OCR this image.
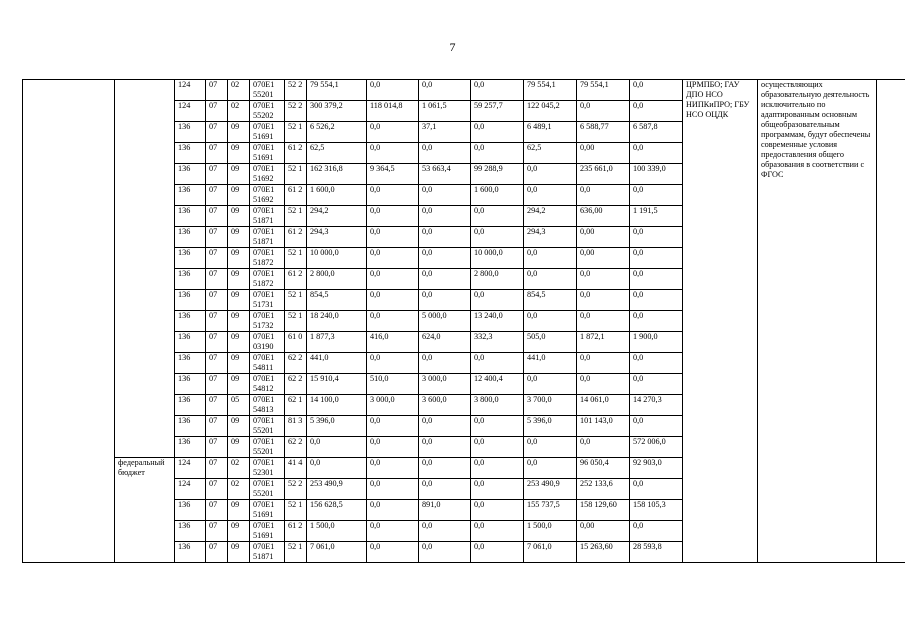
7
		124	07	02	070E1 55201	52 2	79 554,1	0,0	0,0	0,0	79 554,1	79 554,1	0,0	ЦРМПБО; ГАУ ДПО НСО НИПКиПРО; ГБУ НСО ОЦДК	осуществляющих образовательную деятельность исключительно по адаптированным основным общеобразовательным программам, будут обеспечены современные условия предоставления общего образования в соответствии с ФГОС	
		124	07	02	070E1 55202	52 2	300 379,2	118 014,8	1 061,5	59 257,7	122 045,2	0,0	0,0			
		136	07	09	070E1 51691	52 1	6 526,2	0,0	37,1	0,0	6 489,1	6 588,77	6 587,8			
		136	07	09	070E1 51691	61 2	62,5	0,0	0,0	0,0	62,5	0,00	0,0			
		136	07	09	070E1 51692	52 1	162 316,8	9 364,5	53 663,4	99 288,9	0,0	235 661,0	100 339,0			
		136	07	09	070E1 51692	61 2	1 600,0	0,0	0,0	1 600,0	0,0	0,0	0,0			
		136	07	09	070E1 51871	52 1	294,2	0,0	0,0	0,0	294,2	636,00	1 191,5			
		136	07	09	070E1 51871	61 2	294,3	0,0	0,0	0,0	294,3	0,00	0,0			
		136	07	09	070E1 51872	52 1	10 000,0	0,0	0,0	10 000,0	0,0	0,00	0,0			
		136	07	09	070E1 51872	61 2	2 800,0	0,0	0,0	2 800,0	0,0	0,0	0,0			
		136	07	09	070E1 51731	52 1	854,5	0,0	0,0	0,0	854,5	0,0	0,0			
		136	07	09	070E1 51732	52 1	18 240,0	0,0	5 000,0	13 240,0	0,0	0,0	0,0			
		136	07	09	070E1 03190	61 0	1 877,3	416,0	624,0	332,3	505,0	1 872,1	1 900,0			
		136	07	09	070E1 54811	62 2	441,0	0,0	0,0	0,0	441,0	0,0	0,0			
		136	07	09	070E1 54812	62 2	15 910,4	510,0	3 000,0	12 400,4	0,0	0,0	0,0			
		136	07	05	070E1 54813	62 1	14 100,0	3 000,0	3 600,0	3 800,0	3 700,0	14 061,0	14 270,3			
		136	07	09	070E1 55201	81 3	5 396,0	0,0	0,0	0,0	5 396,0	101 143,0	0,0			
		136	07	09	070E1 55201	62 2	0,0	0,0	0,0	0,0	0,0	0,0	572 006,0			
	федеральный бюджет	124	07	02	070E1 52301	41 4	0,0	0,0	0,0	0,0	0,0	96 050,4	92 903,0			
		124	07	02	070E1 55201	52 2	253 490,9	0,0	0,0	0,0	253 490,9	252 133,6	0,0			
		136	07	09	070E1 51691	52 1	156 628,5	0,0	891,0	0,0	155 737,5	158 129,60	158 105,3			
		136	07	09	070E1 51691	61 2	1 500,0	0,0	0,0	0,0	1 500,0	0,00	0,0			
		136	07	09	070E1 51871	52 1	7 061,0	0,0	0,0	0,0	7 061,0	15 263,60	28 593,8			
